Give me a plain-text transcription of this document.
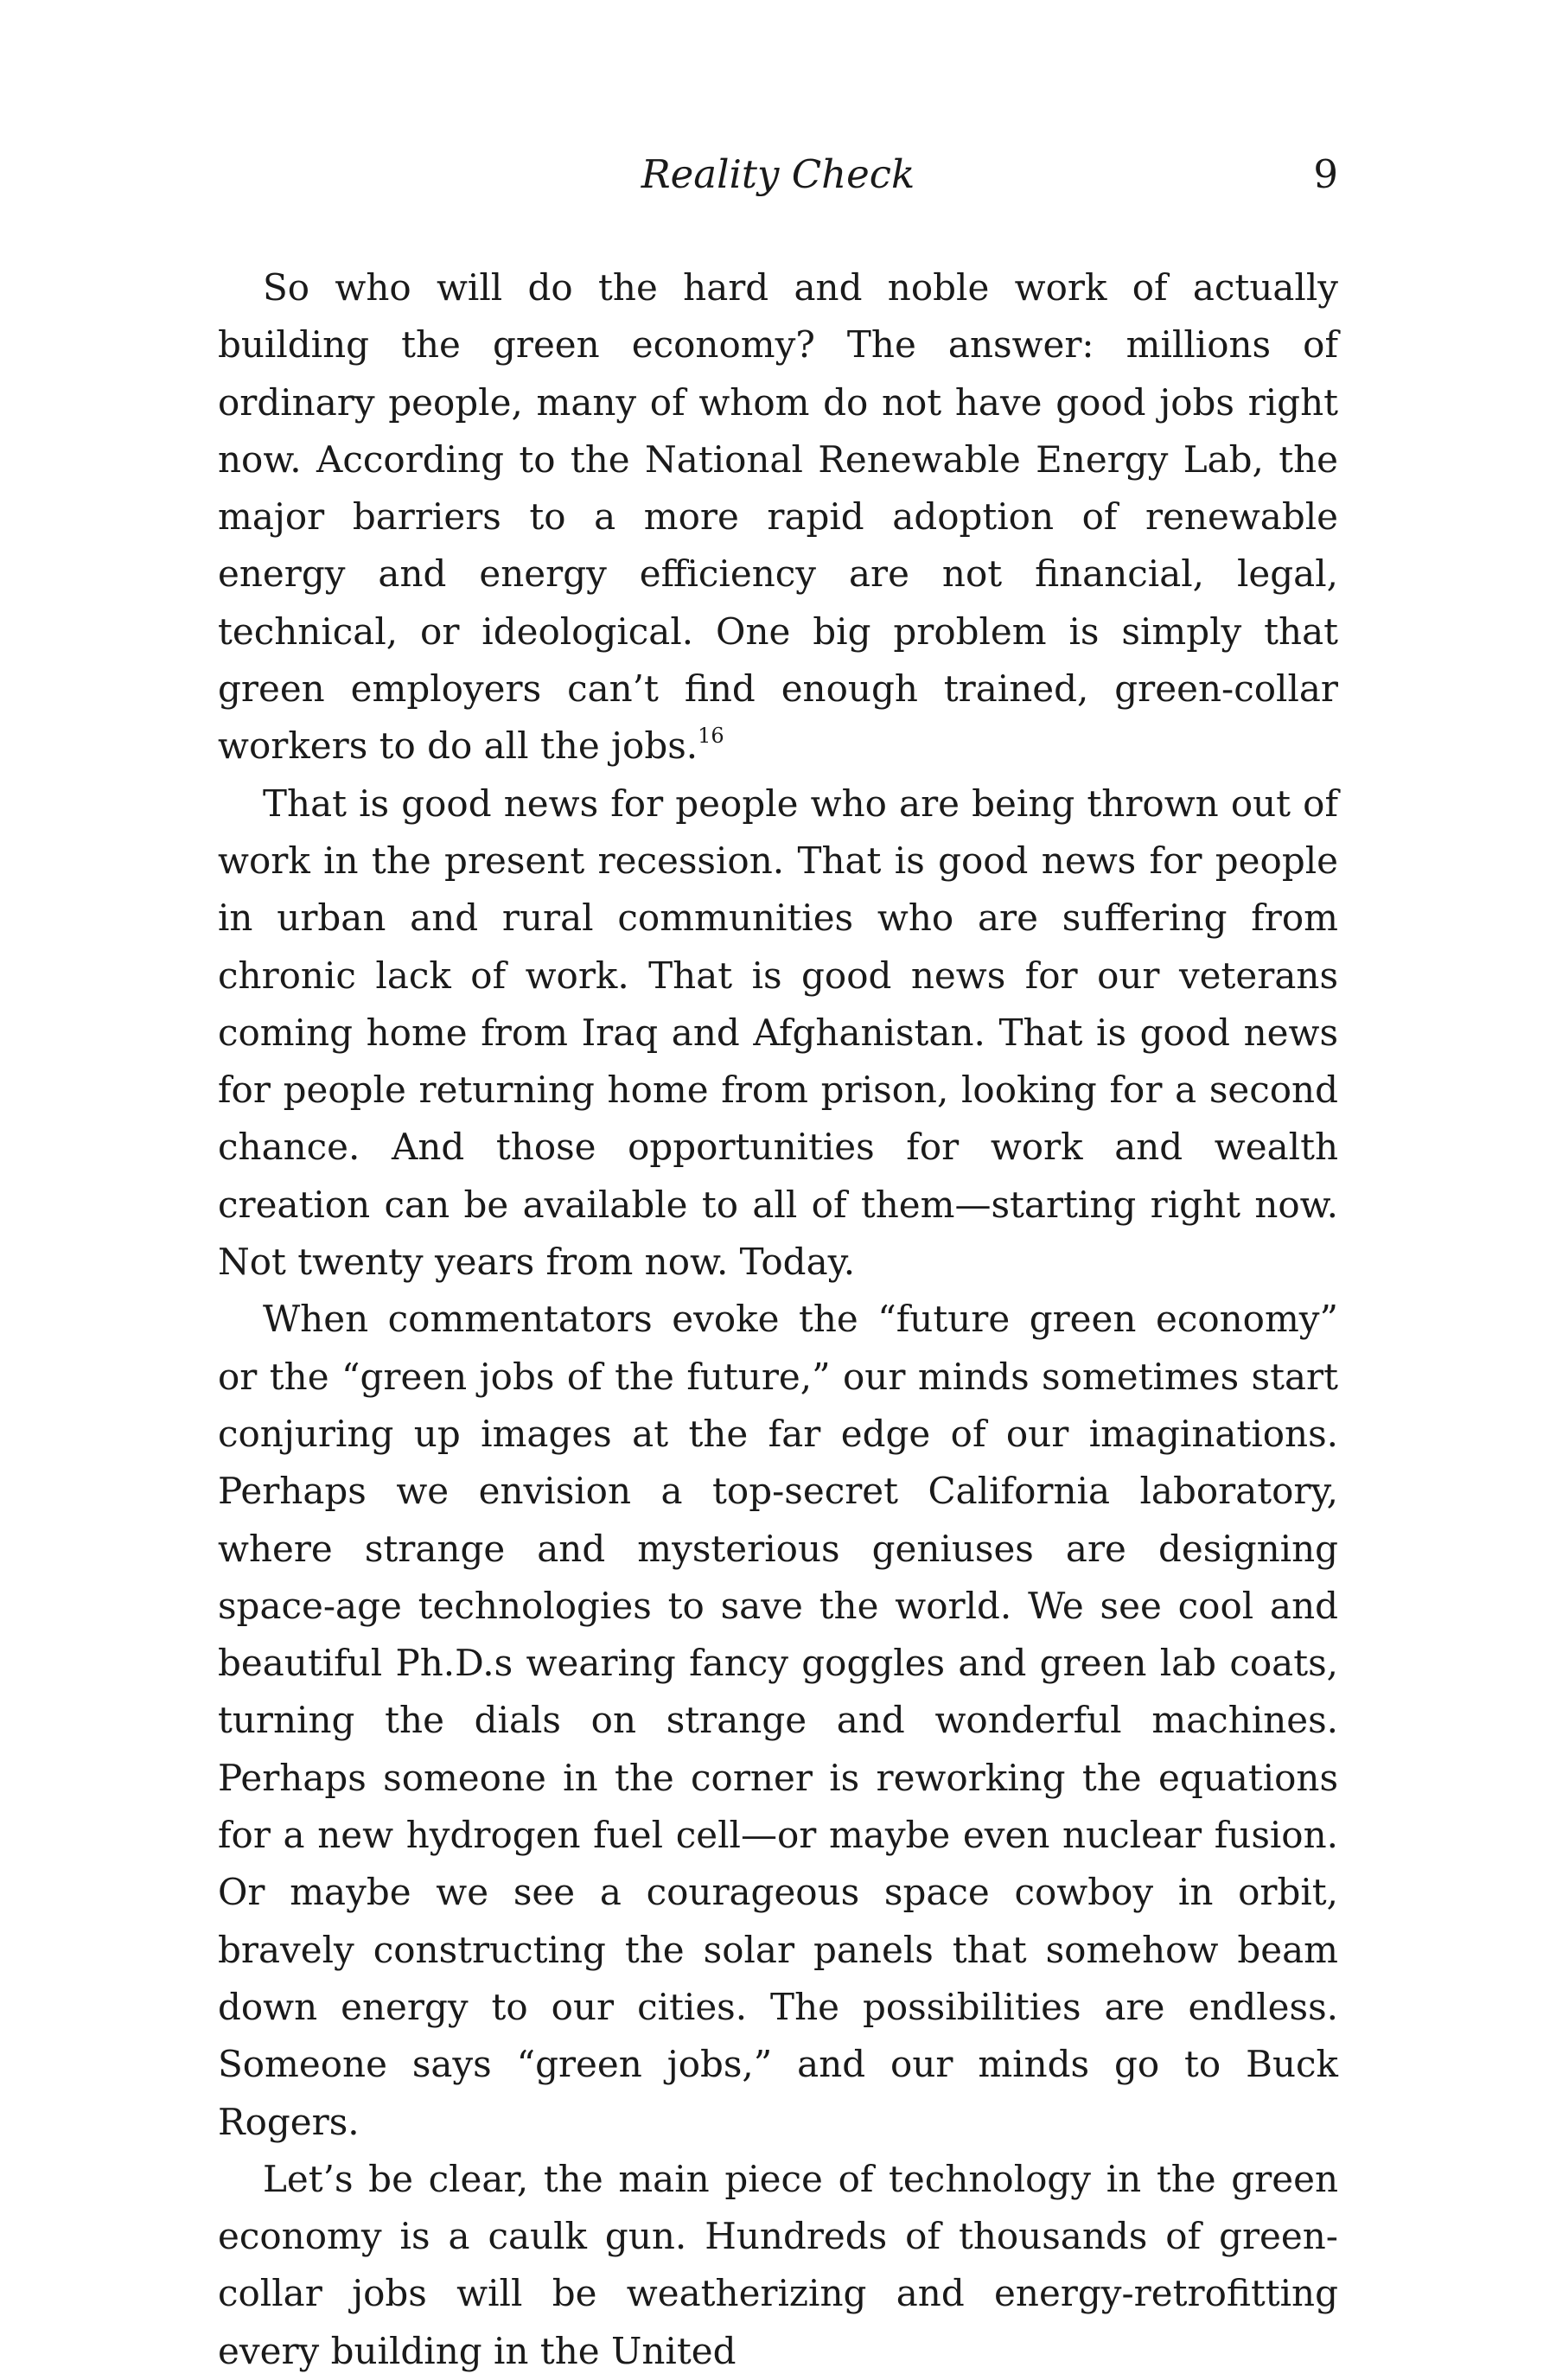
Reality Check	9

So who will do the hard and noble work of actually building the green economy? The answer: millions of ordinary people, many of whom do not have good jobs right now. According to the National Renewable Energy Lab, the major barriers to a more rapid adoption of renewable energy and energy efficiency are not financial, legal, technical, or ideological. One big problem is simply that green employers can’t find enough trained, green-collar workers to do all the jobs.$^{16}$

That is good news for people who are being thrown out of work in the present recession. That is good news for people in urban and rural communities who are suffering from chronic lack of work. That is good news for our veterans coming home from Iraq and Afghanistan. That is good news for people returning home from prison, looking for a second chance. And those opportunities for work and wealth creation can be available to all of them—starting right now. Not twenty years from now. Today.

When commentators evoke the “future green economy” or the “green jobs of the future,” our minds sometimes start conjuring up images at the far edge of our imaginations. Perhaps we envision a top-secret California laboratory, where strange and mysterious geniuses are designing space-age technologies to save the world. We see cool and beautiful Ph.D.s wearing fancy goggles and green lab coats, turning the dials on strange and wonderful machines. Perhaps someone in the corner is reworking the equations for a new hydrogen fuel cell—or maybe even nuclear fusion. Or maybe we see a courageous space cowboy in orbit, bravely constructing the solar panels that somehow beam down energy to our cities. The possibilities are endless. Someone says “green jobs,” and our minds go to Buck Rogers.

Let’s be clear, the main piece of technology in the green economy is a caulk gun. Hundreds of thousands of green-collar jobs will be weatherizing and energy-retrofitting every building in the United
